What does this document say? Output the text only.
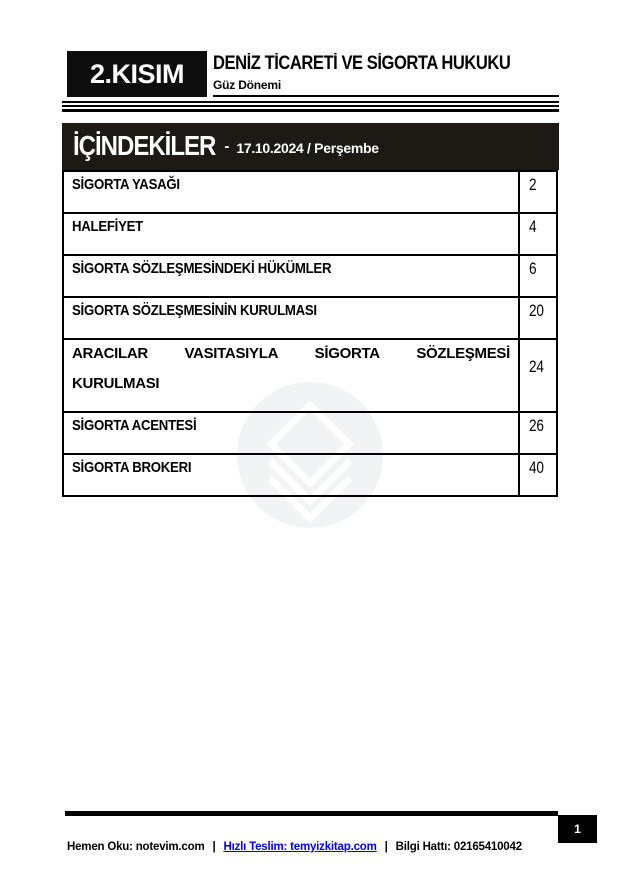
2.KISIM DENİZ TİCARETİ VE SİGORTA HUKUKU
Güz Dönemi
İÇİNDEKİLER - 17.10.2024 / Perşembe
SİGORTA YASAĞI	2
HALEFİYET	4
SİGORTA SÖZLEŞMESİNDEKİ HÜKÜMLER	6
SİGORTA SÖZLEŞMESİNİN KURULMASI	20

ARACILAR VASITASIYLA SİGORTA SÖZLEŞMESİ
KURULMASI	24
SİGORTA ACENTESİ	26
SİGORTA BROKERI	40
1
Hemen Oku: notevim.com | Hızlı Teslim: temyizkitap.com | Bilgi Hattı: 02165410042
